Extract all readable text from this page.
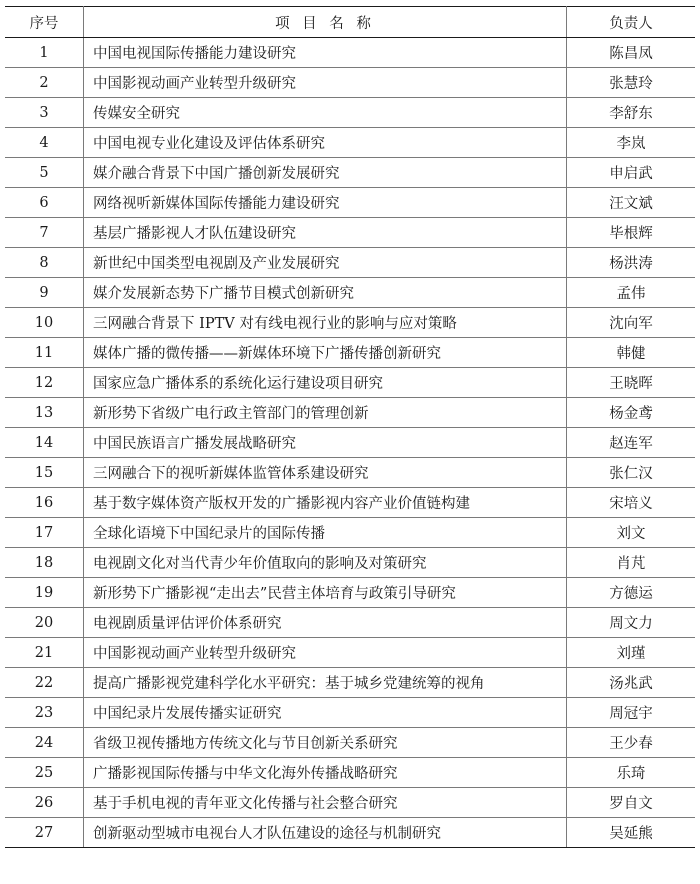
序号	项 目 名 称	负责人
1	中国电视国际传播能力建设研究	陈昌凤
2	中国影视动画产业转型升级研究	张慧玲
3	传媒安全研究	李舒东
4	中国电视专业化建设及评估体系研究	李岚
5	媒介融合背景下中国广播创新发展研究	申启武
6	网络视听新媒体国际传播能力建设研究	汪文斌
7	基层广播影视人才队伍建设研究	毕根辉
8	新世纪中国类型电视剧及产业发展研究	杨洪涛
9	媒介发展新态势下广播节目模式创新研究	孟伟
10	三网融合背景下 IPTV 对有线电视行业的影响与应对策略	沈向军
11	媒体广播的微传播——新媒体环境下广播传播创新研究	韩健
12	国家应急广播体系的系统化运行建设项目研究	王晓晖
13	新形势下省级广电行政主管部门的管理创新	杨金鸢
14	中国民族语言广播发展战略研究	赵连军
15	三网融合下的视听新媒体监管体系建设研究	张仁汉
16	基于数字媒体资产版权开发的广播影视内容产业价值链构建	宋培义
17	全球化语境下中国纪录片的国际传播	刘文
18	电视剧文化对当代青少年价值取向的影响及对策研究	肖芃
19	新形势下广播影视“走出去”民营主体培育与政策引导研究	方德运
20	电视剧质量评估评价体系研究	周文力
21	中国影视动画产业转型升级研究	刘瑾
22	提高广播影视党建科学化水平研究：基于城乡党建统筹的视角	汤兆武
23	中国纪录片发展传播实证研究	周冠宇
24	省级卫视传播地方传统文化与节目创新关系研究	王少春
25	广播影视国际传播与中华文化海外传播战略研究	乐琦
26	基于手机电视的青年亚文化传播与社会整合研究	罗自文
27	创新驱动型城市电视台人才队伍建设的途径与机制研究	吴延熊
